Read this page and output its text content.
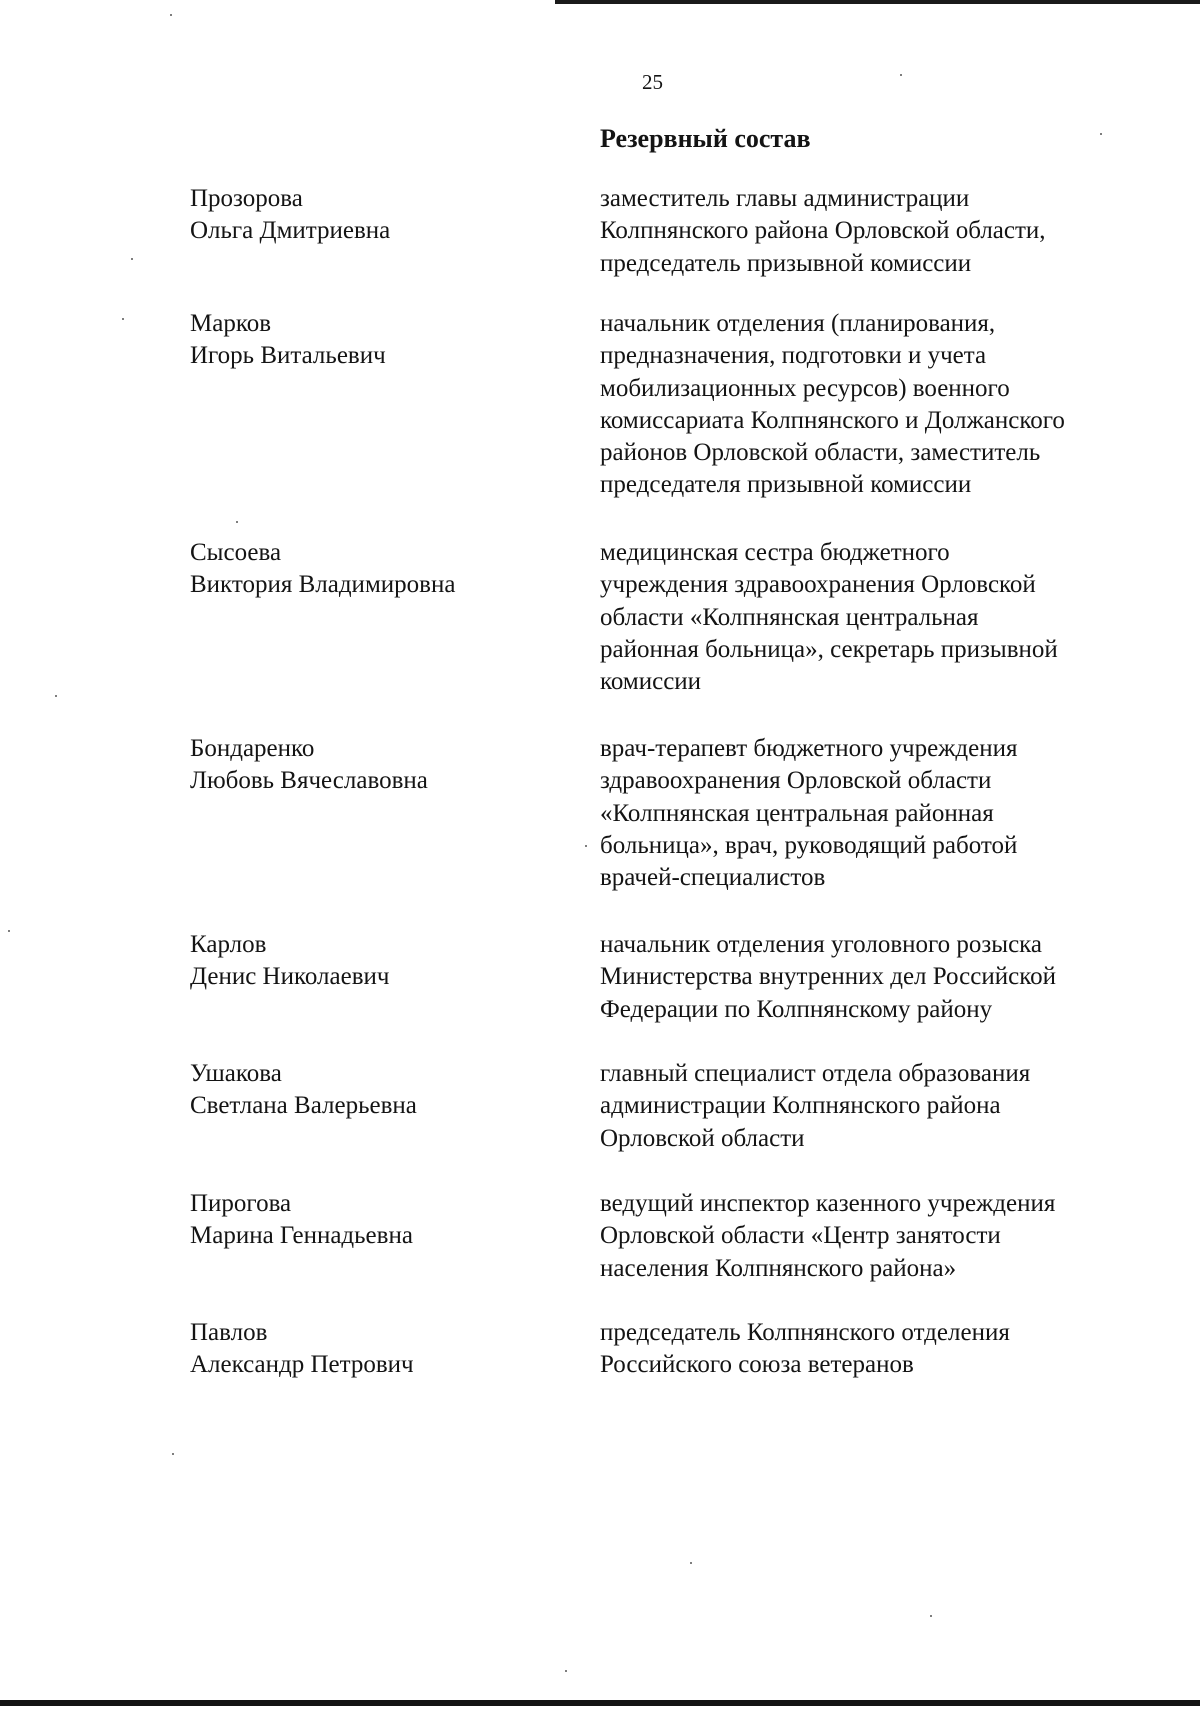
25
Резервный состав
Прозорова
Ольга Дмитриевна
заместитель главы администрации
Колпнянского района Орловской области,
председатель призывной комиссии
Марков
Игорь Витальевич
начальник отделения (планирования,
предназначения, подготовки и учета
мобилизационных ресурсов) военного
комиссариата Колпнянского и Должанского
районов Орловской области, заместитель
председателя призывной комиссии
Сысоева
Виктория Владимировна
медицинская сестра бюджетного
учреждения здравоохранения Орловской
области «Колпнянская центральная
районная больница», секретарь призывной
комиссии
Бондаренко
Любовь Вячеславовна
врач-терапевт бюджетного учреждения
здравоохранения Орловской области
«Колпнянская центральная районная
больница», врач, руководящий работой
врачей-специалистов
Карлов
Денис Николаевич
начальник отделения уголовного розыска
Министерства внутренних дел Российской
Федерации по Колпнянскому району
Ушакова
Светлана Валерьевна
главный специалист отдела образования
администрации Колпнянского района
Орловской области
Пирогова
Марина Геннадьевна
ведущий инспектор казенного учреждения
Орловской области «Центр занятости
населения Колпнянского района»
Павлов
Александр Петрович
председатель Колпнянского отделения
Российского союза ветеранов
